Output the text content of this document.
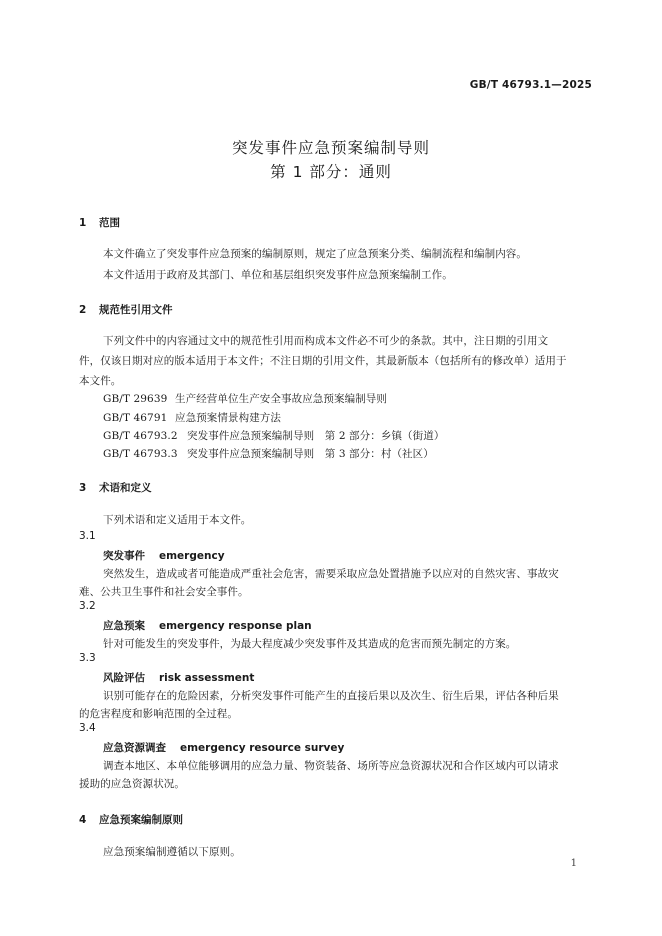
GB/T 46793.1—2025
突发事件应急预案编制导则
第 1 部分：通则
1 范围
本文件确立了突发事件应急预案的编制原则，规定了应急预案分类、编制流程和编制内容。
本文件适用于政府及其部门、单位和基层组织突发事件应急预案编制工作。
2 规范性引用文件
下列文件中的内容通过文中的规范性引用而构成本文件必不可少的条款。其中，注日期的引用文
件，仅该日期对应的版本适用于本文件；不注日期的引用文件，其最新版本（包括所有的修改单）适用于
本文件。
GB/T 29639 生产经营单位生产安全事故应急预案编制导则
GB/T 46791 应急预案情景构建方法
GB/T 46793.2 突发事件应急预案编制导则　第 2 部分：乡镇（街道）
GB/T 46793.3 突发事件应急预案编制导则　第 3 部分：村（社区）
3 术语和定义
下列术语和定义适用于本文件。
3.1
突发事件 emergency
突然发生，造成或者可能造成严重社会危害，需要采取应急处置措施予以应对的自然灾害、事故灾
难、公共卫生事件和社会安全事件。
3.2
应急预案 emergency response plan
针对可能发生的突发事件，为最大程度减少突发事件及其造成的危害而预先制定的方案。
3.3
风险评估 risk assessment
识别可能存在的危险因素，分析突发事件可能产生的直接后果以及次生、衍生后果，评估各种后果
的危害程度和影响范围的全过程。
3.4
应急资源调查 emergency resource survey
调查本地区、本单位能够调用的应急力量、物资装备、场所等应急资源状况和合作区域内可以请求
援助的应急资源状况。
4 应急预案编制原则
应急预案编制遵循以下原则。
1
